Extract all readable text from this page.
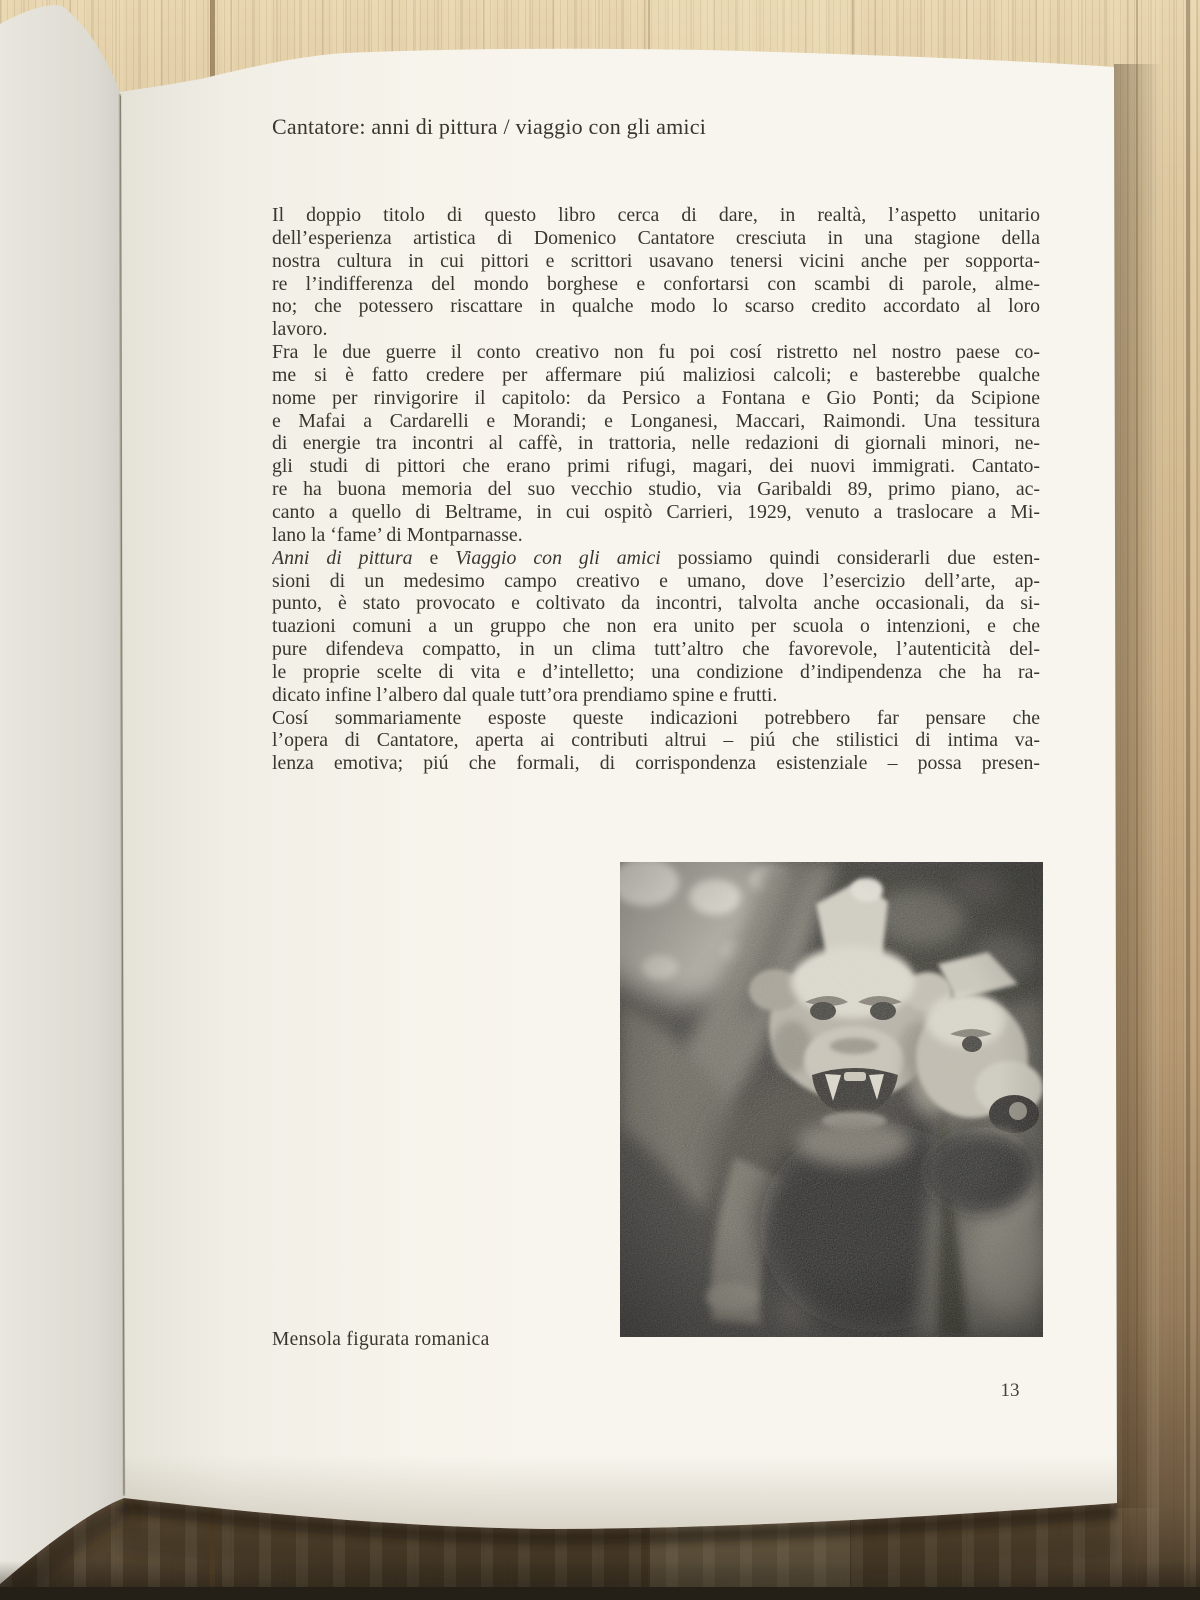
Cantatore: anni di pittura / viaggio con gli amici
Il doppio titolo di questo libro cerca di dare, in realtà, l’aspetto unitario
dell’esperienza artistica di Domenico Cantatore cresciuta in una stagione della
nostra cultura in cui pittori e scrittori usavano tenersi vicini anche per sopporta-
re l’indifferenza del mondo borghese e confortarsi con scambi di parole, alme-
no; che potessero riscattare in qualche modo lo scarso credito accordato al loro
lavoro.
Fra le due guerre il conto creativo non fu poi cosí ristretto nel nostro paese co-
me si è fatto credere per affermare piú maliziosi calcoli; e basterebbe qualche
nome per rinvigorire il capitolo: da Persico a Fontana e Gio Ponti; da Scipione
e Mafai a Cardarelli e Morandi; e Longanesi, Maccari, Raimondi. Una tessitura
di energie tra incontri al caffè, in trattoria, nelle redazioni di giornali minori, ne-
gli studi di pittori che erano primi rifugi, magari, dei nuovi immigrati. Cantato-
re ha buona memoria del suo vecchio studio, via Garibaldi 89, primo piano, ac-
canto a quello di Beltrame, in cui ospitò Carrieri, 1929, venuto a traslocare a Mi-
lano la ‘fame’ di Montparnasse.
Anni di pittura e Viaggio con gli amici possiamo quindi considerarli due esten-
sioni di un medesimo campo creativo e umano, dove l’esercizio dell’arte, ap-
punto, è stato provocato e coltivato da incontri, talvolta anche occasionali, da si-
tuazioni comuni a un gruppo che non era unito per scuola o intenzioni, e che
pure difendeva compatto, in un clima tutt’altro che favorevole, l’autenticità del-
le proprie scelte di vita e d’intelletto; una condizione d’indipendenza che ha ra-
dicato infine l’albero dal quale tutt’ora prendiamo spine e frutti.
Cosí sommariamente esposte queste indicazioni potrebbero far pensare che
l’opera di Cantatore, aperta ai contributi altrui – piú che stilistici di intima va-
lenza emotiva; piú che formali, di corrispondenza esistenziale – possa presen-
Mensola figurata romanica
13
